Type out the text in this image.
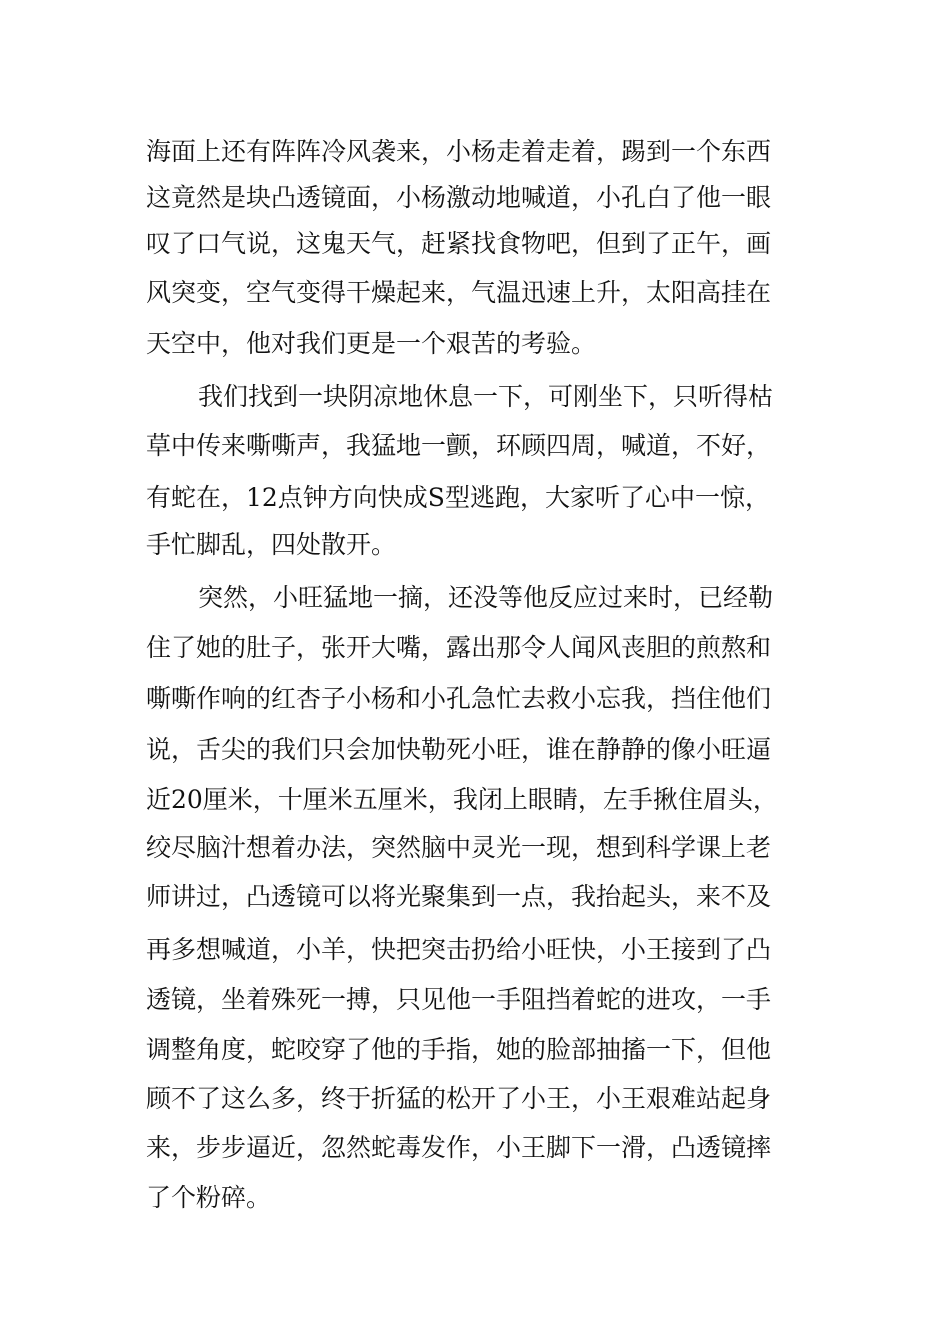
海面上还有阵阵冷风袭来，小杨走着走着，踢到一个东西
这竟然是块凸透镜面，小杨激动地喊道，小孔白了他一眼
叹了口气说，这鬼天气，赶紧找食物吧，但到了正午，画
风突变，空气变得干燥起来，气温迅速上升，太阳高挂在
天空中，他对我们更是一个艰苦的考验。
我们找到一块阴凉地休息一下，可刚坐下，只听得枯
草中传来嘶嘶声，我猛地一颤，环顾四周，喊道，不好，
有蛇在，12点钟方向快成S型逃跑，大家听了心中一惊，
手忙脚乱，四处散开。
突然，小旺猛地一摘，还没等他反应过来时，已经勒
住了她的肚子，张开大嘴，露出那令人闻风丧胆的煎熬和
嘶嘶作响的红杏子小杨和小孔急忙去救小忘我，挡住他们
说，舌尖的我们只会加快勒死小旺，谁在静静的像小旺逼
近20厘米，十厘米五厘米，我闭上眼睛，左手揪住眉头，
绞尽脑汁想着办法，突然脑中灵光一现，想到科学课上老
师讲过，凸透镜可以将光聚集到一点，我抬起头，来不及
再多想喊道，小羊，快把突击扔给小旺快，小王接到了凸
透镜，坐着殊死一搏，只见他一手阻挡着蛇的进攻，一手
调整角度，蛇咬穿了他的手指，她的脸部抽搐一下，但他
顾不了这么多，终于折猛的松开了小王，小王艰难站起身
来，步步逼近，忽然蛇毒发作，小王脚下一滑，凸透镜摔
了个粉碎。
